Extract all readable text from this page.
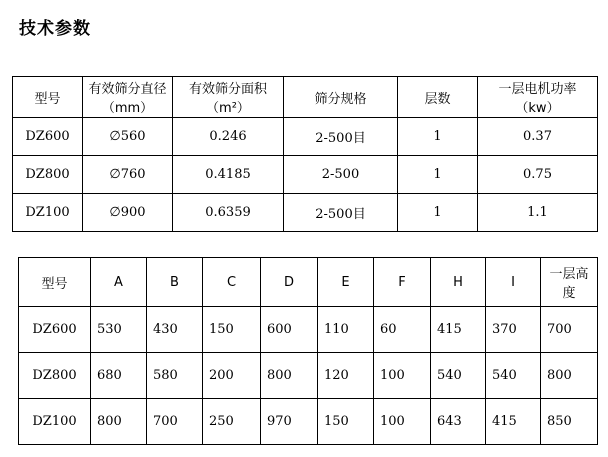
技术参数
型号	有效筛分直径（mm）	有效筛分面积（m²）	筛分规格	层数	一层电机功率（kw）
DZ600	∅560	0.246	2-500目	1	0.37
DZ800	∅760	0.4185	2-500	1	0.75
DZ100	∅900	0.6359	2-500目	1	1.1
型号	A	B	C	D	E	F	H	I	一层高度
DZ600	530	430	150	600	110	60	415	370	700
DZ800	680	580	200	800	120	100	540	540	800
DZ100	800	700	250	970	150	100	643	415	850
